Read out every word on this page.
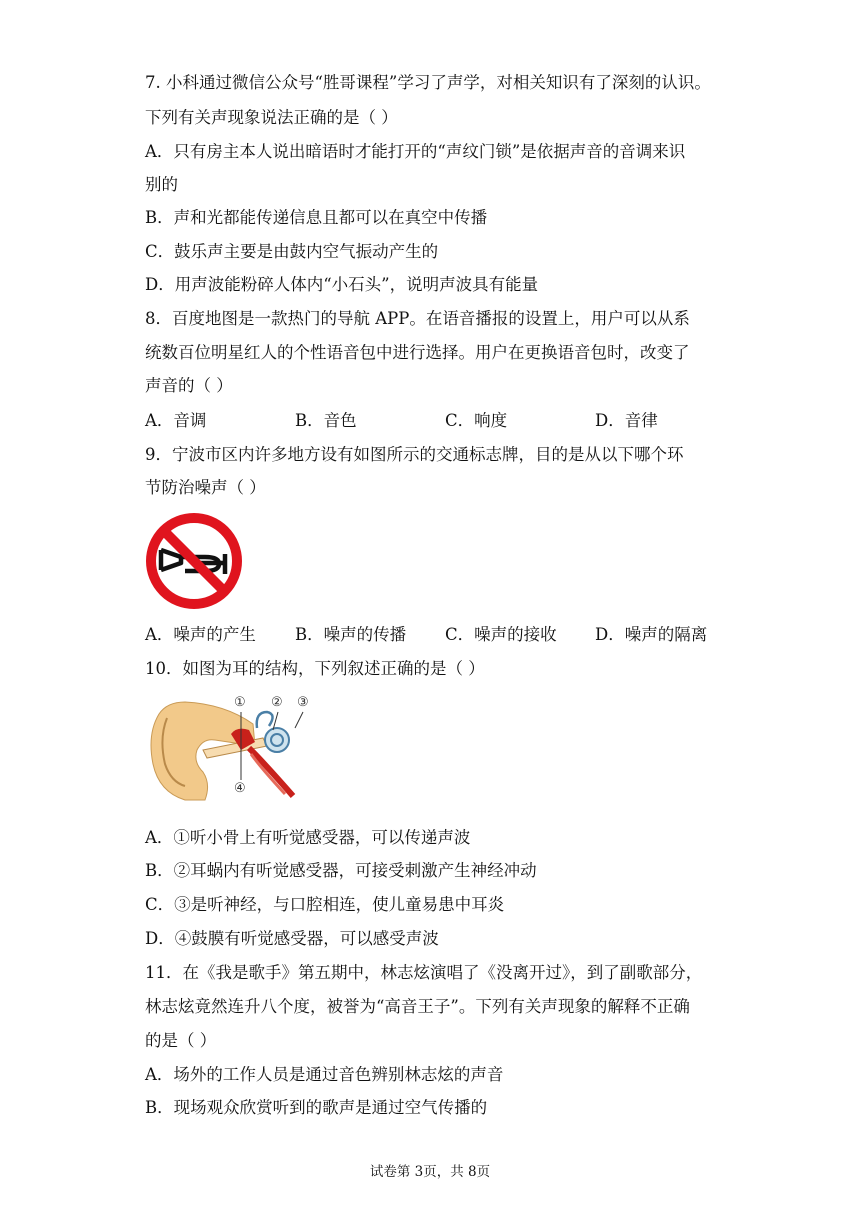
7. 小科通过微信公众号“胜哥课程”学习了声学，对相关知识有了深刻的认识。
下列有关声现象说法正确的是（ ）
A．只有房主本人说出暗语时才能打开的“声纹门锁”是依据声音的音调来识
别的
B．声和光都能传递信息且都可以在真空中传播
C．鼓乐声主要是由鼓内空气振动产生的
D．用声波能粉碎人体内“小石头”，说明声波具有能量
8．百度地图是一款热门的导航 APP。在语音播报的设置上，用户可以从系
统数百位明星红人的个性语音包中进行选择。用户在更换语音包时，改变了
声音的（ ）
A．音调	B．音色	C．响度	D．音律
9．宁波市区内许多地方设有如图所示的交通标志牌，目的是从以下哪个环
节防治噪声（ ）
A．噪声的产生 B．噪声的传播 C．噪声的接收 D．噪声的隔离
10．如图为耳的结构，下列叙述正确的是（ ）
① ② ③
④
A．①听小骨上有听觉感受器，可以传递声波
B．②耳蜗内有听觉感受器，可接受刺激产生神经冲动
C．③是听神经，与口腔相连，使儿童易患中耳炎
D．④鼓膜有听觉感受器，可以感受声波
11．在《我是歌手》第五期中，林志炫演唱了《没离开过》，到了副歌部分，
林志炫竟然连升八个度，被誉为“高音王子”。下列有关声现象的解释不正确
的是（ ）
A．场外的工作人员是通过音色辨别林志炫的声音
B．现场观众欣赏听到的歌声是通过空气传播的
试卷第 3页，共 8页
